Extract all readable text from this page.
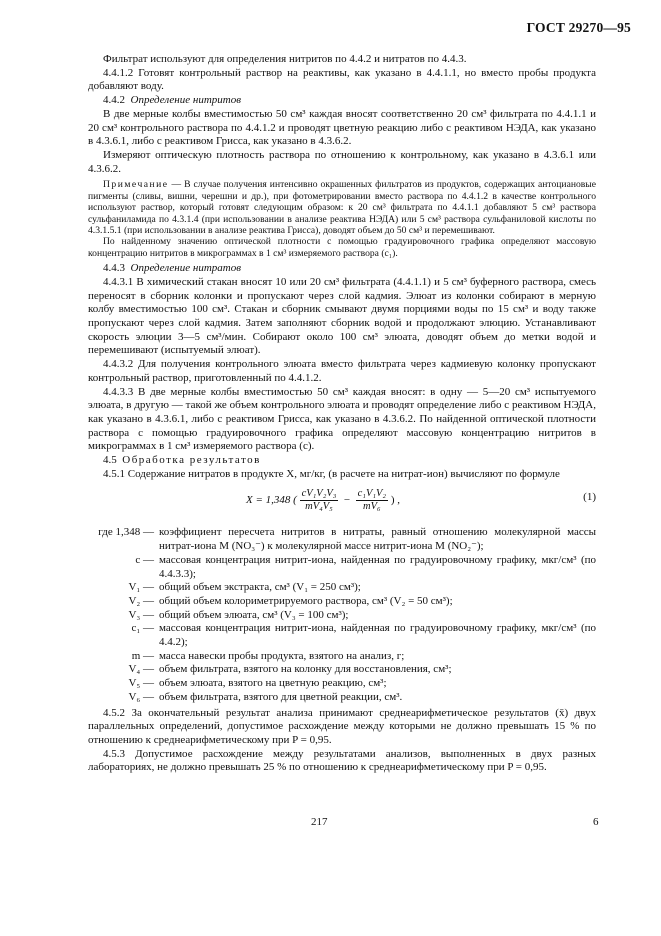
ГОСТ 29270—95

Фильтрат используют для определения нитритов по 4.4.2 и нитратов по 4.4.3.

4.4.1.2 Готовят контрольный раствор на реактивы, как указано в 4.4.1.1, но вместо пробы продукта добавляют воду.

4.4.2 Определение нитритов

В две мерные колбы вместимостью 50 см³ каждая вносят соответственно 20 см³ фильтрата по 4.4.1.1 и 20 см³ контрольного раствора по 4.4.1.2 и проводят цветную реакцию либо с реактивом НЭДА, как указано в 4.3.6.1, либо с реактивом Грисса, как указано в 4.3.6.2.

Измеряют оптическую плотность раствора по отношению к контрольному, как указано в 4.3.6.1 или 4.3.6.2.

Примечание — В случае получения интенсивно окрашенных фильтратов из продуктов, содержащих антоциановые пигменты (сливы, вишни, черешни и др.), при фотометрировании вместо раствора по 4.4.1.2 в качестве контрольного используют раствор, который готовят следующим образом: к 20 см³ фильтрата по 4.4.1.1 добавляют 5 см³ раствора сульфаниламида по 4.3.1.4 (при использовании в анализе реактива НЭДА) или 5 см³ раствора сульфаниловой кислоты по 4.3.1.5.1 (при использовании в анализе реактива Грисса), доводят объем до 50 см³ и перемешивают.

По найденному значению оптической плотности с помощью градуировочного графика определяют массовую концентрацию нитритов в микрограммах в 1 см³ измеряемого раствора (c₁).

4.4.3 Определение нитратов

4.4.3.1 В химический стакан вносят 10 или 20 см³ фильтрата (4.4.1.1) и 5 см³ буферного раствора, смесь переносят в сборник колонки и пропускают через слой кадмия. Элюат из колонки собирают в мерную колбу вместимостью 100 см³. Стакан и сборник смывают двумя порциями воды по 15 см³ и воду также пропускают через слой кадмия. Затем заполняют сборник водой и продолжают элюцию. Устанавливают скорость элюции 3—5 см³/мин. Собирают около 100 см³ элюата, доводят объем до метки водой и перемешивают (испытуемый элюат).

4.4.3.2 Для получения контрольного элюата вместо фильтрата через кадмиевую колонку пропускают контрольный раствор, приготовленный по 4.4.1.2.

4.4.3.3 В две мерные колбы вместимостью 50 см³ каждая вносят: в одну — 5—20 см³ испытуемого элюата, в другую — такой же объем контрольного элюата и проводят определение либо с реактивом НЭДА, как указано в 4.3.6.1, либо с реактивом Грисса, как указано в 4.3.6.2. По найденной оптической плотности раствора с помощью градуировочного графика определяют массовую концентрацию нитритов в микрограммах в 1 см³ измеряемого раствора (c).

4.5 Обработка результатов

4.5.1 Содержание нитратов в продукте X, мг/кг, (в расчете на нитрат-ион) вычисляют по формуле

X = 1,348 ( $\frac{\text{cV₁V₂V₃}}{\text{mV₄V₅}} - \frac{\text{c₁V₁V₂}}{\text{mV₆}}$ ) ,	(1)
где 1,348 — коэффициент пересчета нитритов в нитраты, равный отношению молекулярной массы нитрат-иона M (NO₃⁻) к молекулярной массе нитрит-иона M (NO₂⁻);
c — массовая концентрация нитрит-иона, найденная по градуировочному графику, мкг/см³ (по 4.4.3.3);
V₁ — общий объем экстракта, см³ (V₁ = 250 см³);
V₂ — общий объем колориметрируемого раствора, см³ (V₂ = 50 см³);
V₃ — общий объем элюата, см³ (V₃ = 100 см³);
c₁ — массовая концентрация нитрит-иона, найденная по градуировочному графику, мкг/см³ (по 4.4.2);
m — масса навески пробы продукта, взятого на анализ, г;
V₄ — объем фильтрата, взятого на колонку для восстановления, см³;
V₅ — объем элюата, взятого на цветную реакцию, см³;
V₆ — объем фильтрата, взятого для цветной реакции, см³.

4.5.2 За окончательный результат анализа принимают среднеарифметическое результатов (x̄) двух параллельных определений, допустимое расхождение между которыми не должно превышать 15 % по отношению к среднеарифметическому при P = 0,95.

4.5.3 Допустимое расхождение между результатами анализов, выполненных в двух разных лабораториях, не должно превышать 25 % по отношению к среднеарифметическому при P = 0,95.

217	6
